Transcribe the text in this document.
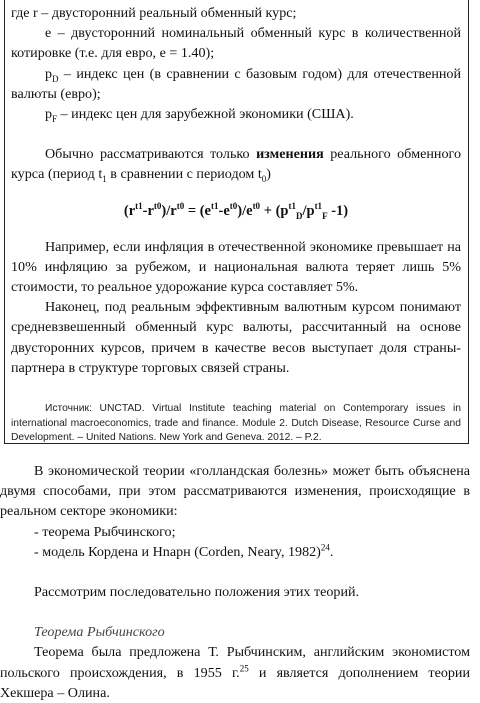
где r – двусторонний реальный обменный курс;

e – двусторонний номинальный обменный курс в количественной котировке (т.е. для евро, e = 1.40);

$p_D$ – индекс цен (в сравнении с базовым годом) для отечественной валюты (евро);

$p_F$ – индекс цен для зарубежной экономики (США).

Обычно рассматриваются только изменения реального обменного курса (период $t_1$ в сравнении с периодом $t_0$)

$(r^{t1}-r^{t0})/r^{t0} = (e^{t1}-e^{t0})/e^{t0} + (p^{t1}_D/p^{t1}_F$ -1)

Например, если инфляция в отечественной экономике превышает на 10% инфляцию за рубежом, и национальная валюта теряет лишь 5% стоимости, то реальное удорожание курса составляет 5%.

Наконец, под реальным эффективным валютным курсом понимают средневзвешенный обменный курс валюты, рассчитанный на основе двусторонних курсов, причем в качестве весов выступает доля страны-партнера в структуре торговых связей страны.

Источник: UNCTAD. Virtual Institute teaching material on Contemporary issues in international macroeconomics, trade and finance. Module 2. Dutch Disease, Resource Curse and Development. – United Nations. New York and Geneva. 2012. – P.2.

В экономической теории «голландская болезнь» может быть объяснена двумя способами, при этом рассматриваются изменения, происходящие в реальном секторе экономики:

- теорема Рыбчинского;

- модель Кордена и Нnарн (Corden, Neary, 1982)$^{24}$.

Рассмотрим последовательно положения этих теорий.

Теорема Рыбчинского

Теорема была предложена Т. Рыбчинским, английским экономистом польского происхождения, в 1955 г.$^{25}$ и является дополнением теории Хекшера – Олина.
